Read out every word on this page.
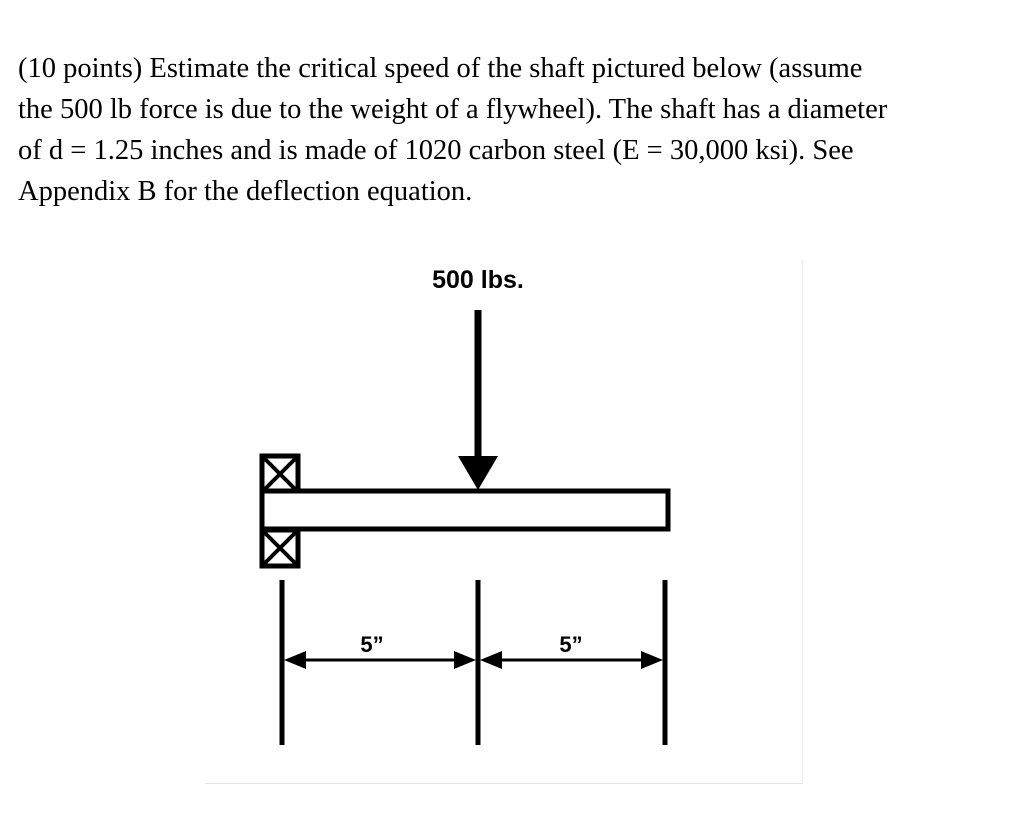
(10 points) Estimate the critical speed of the shaft pictured below (assume
the 500 lb force is due to the weight of a flywheel). The shaft has a diameter
of d = 1.25 inches and is made of 1020 carbon steel (E = 30,000 ksi). See
Appendix B for the deflection equation.

500 lbs.
5”	5”
